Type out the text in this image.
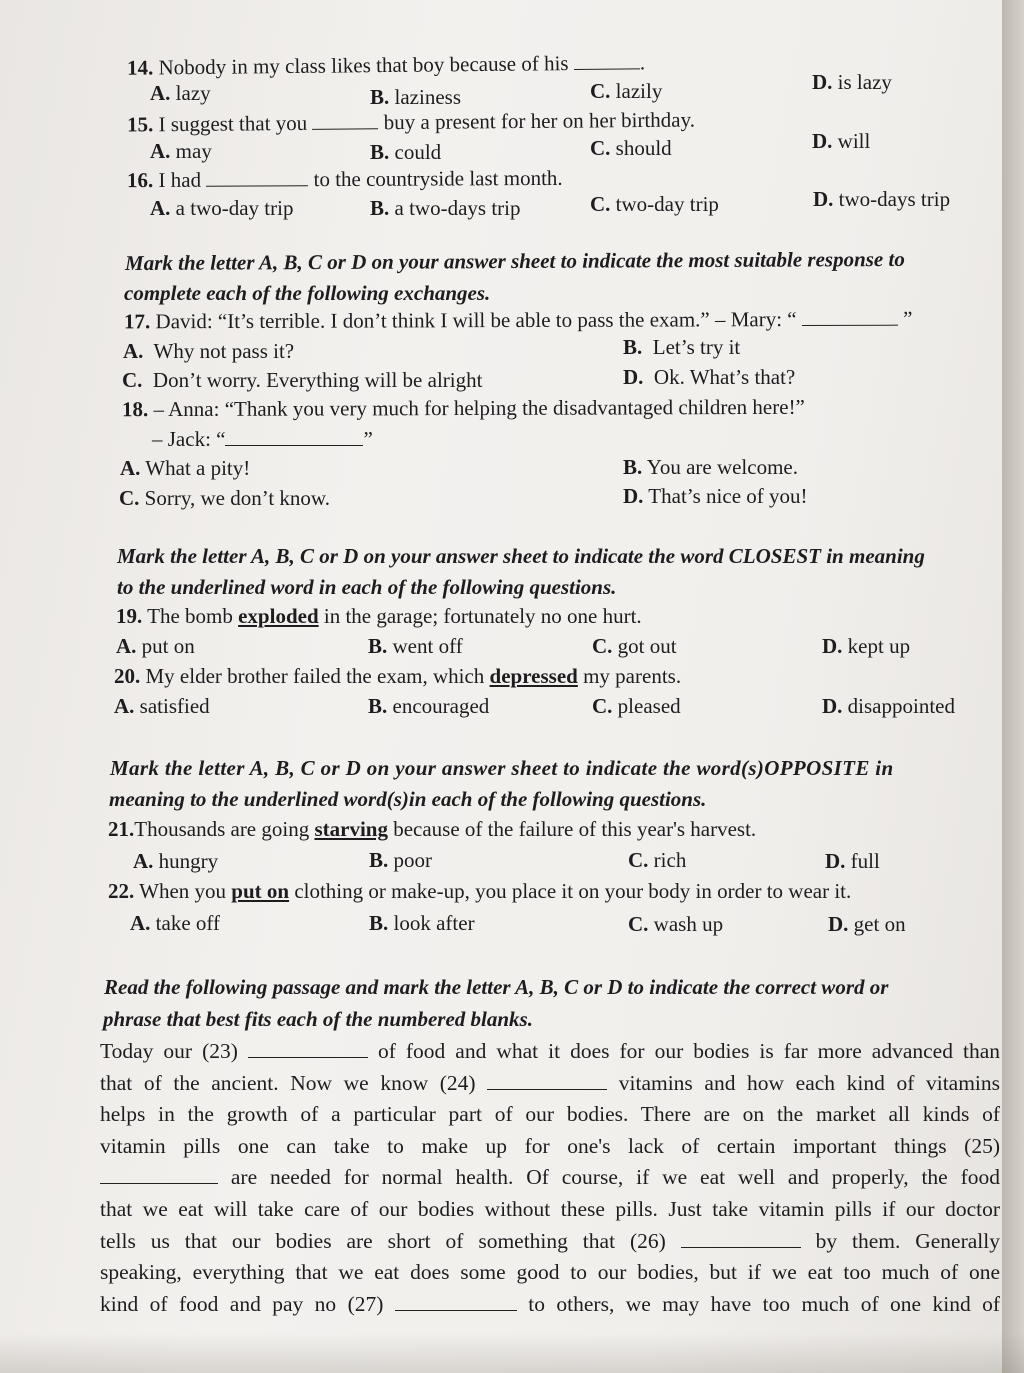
14. Nobody in my class likes that boy because of his	.
A. lazy	B. laziness	C. lazily	D. is lazy
15. I suggest that you	buy a present for her on her birthday.
A. may	B. could	C. should	D. will
16. I had	to the countryside last month.
A. a two-day trip	B. a two-days trip	C. two-day trip	D. two-days trip
Mark the letter A, B, C or D on your answer sheet to indicate the most suitable response to
complete each of the following exchanges.
17. David: “It’s terrible. I don’t think I will be able to pass the exam.” – Mary: “	”
A. Why not pass it?	B. Let’s try it
C. Don’t worry. Everything will be alright	D. Ok. What’s that?
18. – Anna: “Thank you very much for helping the disadvantaged children here!”
– Jack: “	”
A. What a pity!	B. You are welcome.
C. Sorry, we don’t know.	D. That’s nice of you!
Mark the letter A, B, C or D on your answer sheet to indicate the word CLOSEST in meaning
to the underlined word in each of the following questions.
19. The bomb exploded in the garage; fortunately no one hurt.
A. put on	B. went off	C. got out	D. kept up
20. My elder brother failed the exam, which depressed my parents.
A. satisfied	B. encouraged	C. pleased	D. disappointed
Mark the letter A, B, C or D on your answer sheet to indicate the word(s)OPPOSITE in
meaning to the underlined word(s)in each of the following questions.
21.Thousands are going starving because of the failure of this year's harvest.
A. hungry	B. poor	C. rich	D. full
22. When you put on clothing or make-up, you place it on your body in order to wear it.
A. take off	B. look after	C. wash up	D. get on
Read the following passage and mark the letter A, B, C or D to indicate the correct word or
phrase that best fits each of the numbered blanks.
Today our (23)	of food and what it does for our bodies is far more advanced than
that of the ancient. Now we know (24)	vitamins and how each kind of vitamins
helps in the growth of a particular part of our bodies. There are on the market all kinds of
vitamin pills one can take to make up for one's lack of certain important things (25)
are needed for normal health. Of course, if we eat well and properly, the food
that we eat will take care of our bodies without these pills. Just take vitamin pills if our doctor
tells us that our bodies are short of something that (26)	by them. Generally
speaking, everything that we eat does some good to our bodies, but if we eat too much of one
kind of food and pay no (27)	to others, we may have too much of one kind of
